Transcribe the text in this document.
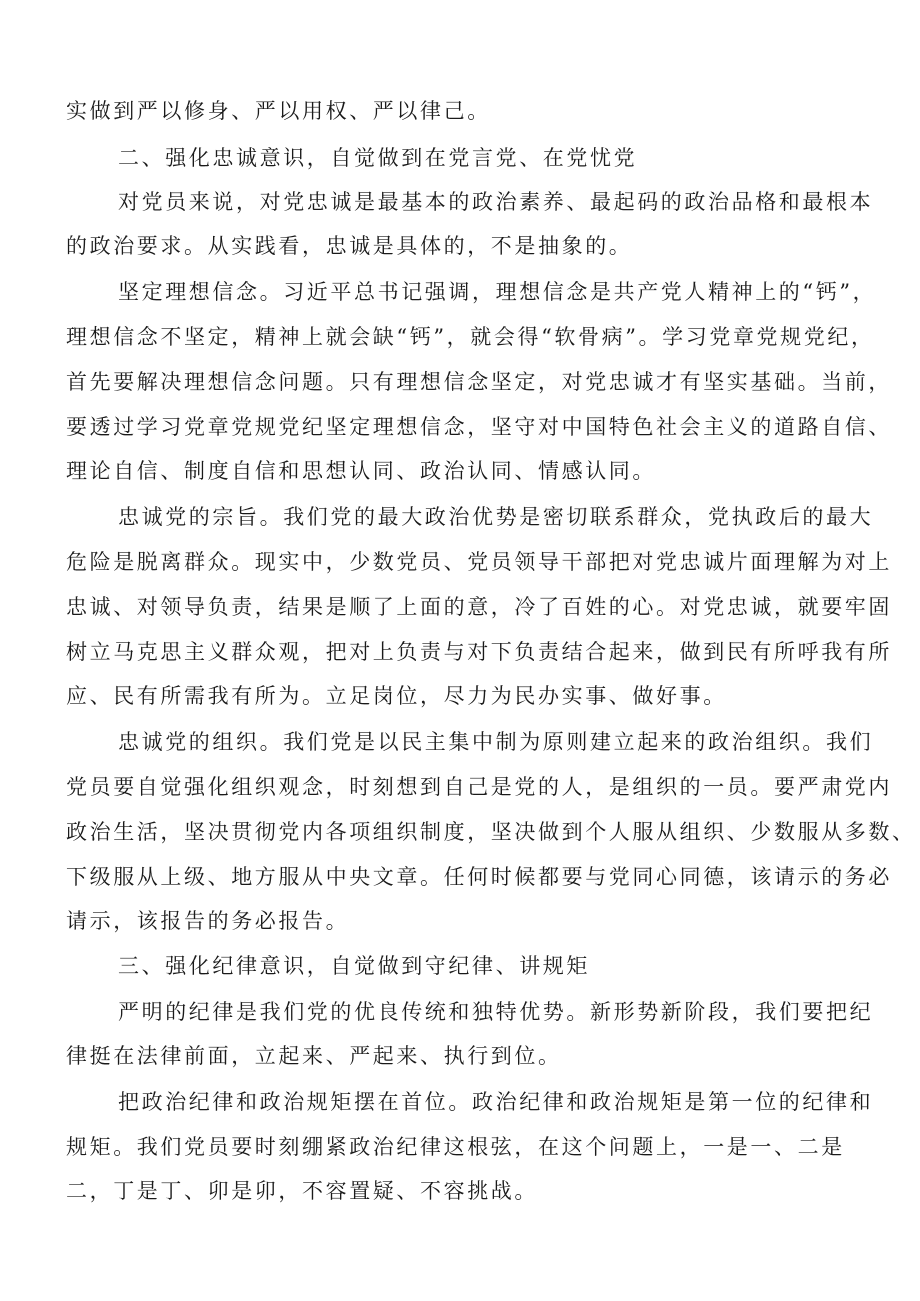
实做到严以修身、严以用权、严以律己。
二、强化忠诚意识，自觉做到在党言党、在党忧党
对党员来说，对党忠诚是最基本的政治素养、最起码的政治品格和最根本
的政治要求。从实践看，忠诚是具体的，不是抽象的。
坚定理想信念。习近平总书记强调，理想信念是共产党人精神上的“钙”，
理想信念不坚定，精神上就会缺“钙”，就会得“软骨病”。学习党章党规党纪，
首先要解决理想信念问题。只有理想信念坚定，对党忠诚才有坚实基础。当前，
要透过学习党章党规党纪坚定理想信念，坚守对中国特色社会主义的道路自信、
理论自信、制度自信和思想认同、政治认同、情感认同。
忠诚党的宗旨。我们党的最大政治优势是密切联系群众，党执政后的最大
危险是脱离群众。现实中，少数党员、党员领导干部把对党忠诚片面理解为对上
忠诚、对领导负责，结果是顺了上面的意，冷了百姓的心。对党忠诚，就要牢固
树立马克思主义群众观，把对上负责与对下负责结合起来，做到民有所呼我有所
应、民有所需我有所为。立足岗位，尽力为民办实事、做好事。
忠诚党的组织。我们党是以民主集中制为原则建立起来的政治组织。我们
党员要自觉强化组织观念，时刻想到自己是党的人，是组织的一员。要严肃党内
政治生活，坚决贯彻党内各项组织制度，坚决做到个人服从组织、少数服从多数、
下级服从上级、地方服从中央文章。任何时候都要与党同心同德，该请示的务必
请示，该报告的务必报告。
三、强化纪律意识，自觉做到守纪律、讲规矩
严明的纪律是我们党的优良传统和独特优势。新形势新阶段，我们要把纪
律挺在法律前面，立起来、严起来、执行到位。
把政治纪律和政治规矩摆在首位。政治纪律和政治规矩是第一位的纪律和
规矩。我们党员要时刻绷紧政治纪律这根弦，在这个问题上，一是一、二是
二，丁是丁、卯是卯，不容置疑、不容挑战。
